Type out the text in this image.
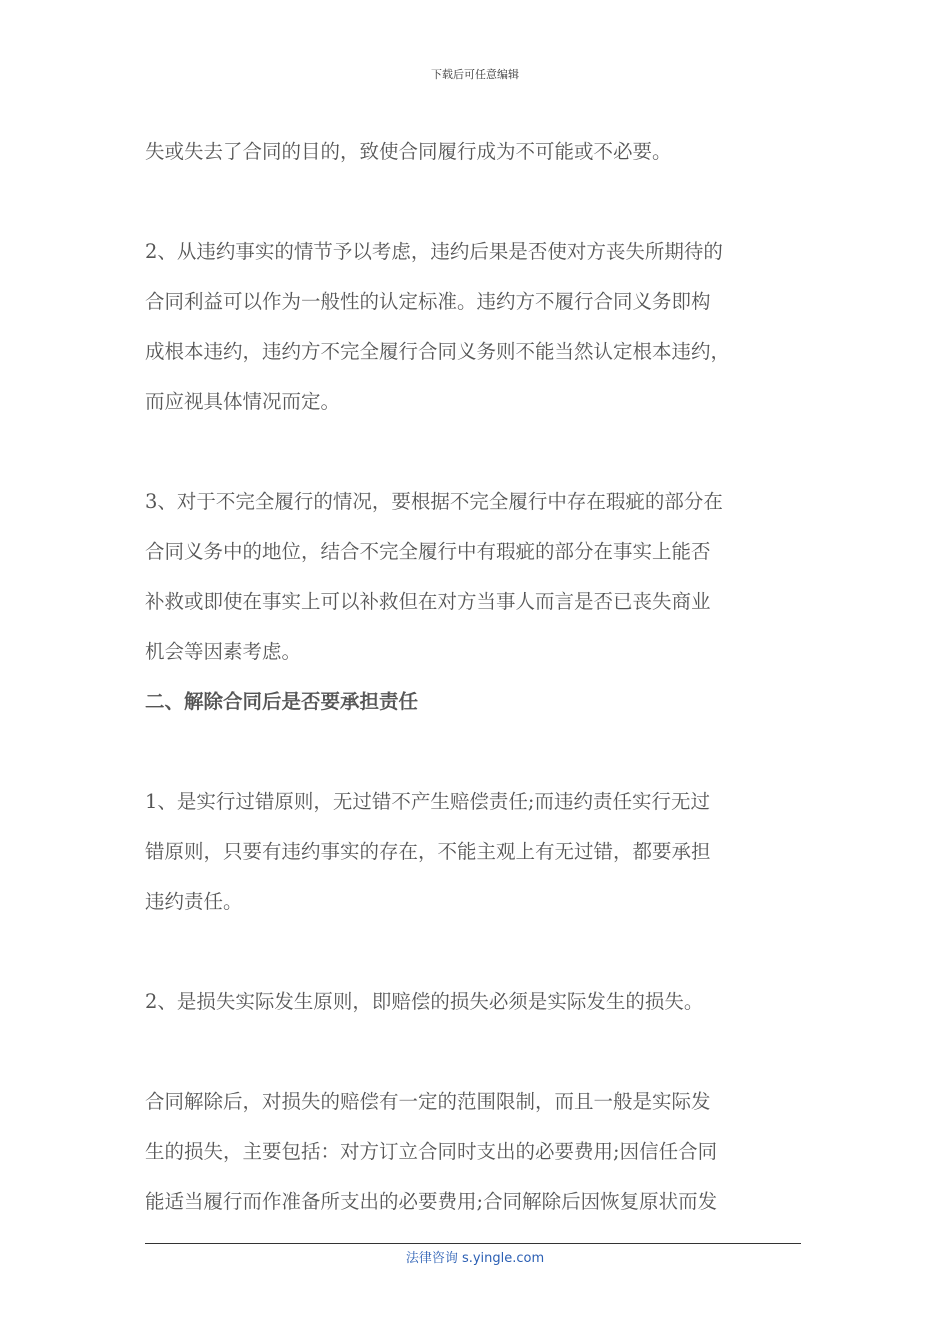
下载后可任意编辑
失或失去了合同的目的，致使合同履行成为不可能或不必要。
2、从违约事实的情节予以考虑，违约后果是否使对方丧失所期待的
合同利益可以作为一般性的认定标准。违约方不履行合同义务即构
成根本违约，违约方不完全履行合同义务则不能当然认定根本违约，
而应视具体情况而定。
3、对于不完全履行的情况，要根据不完全履行中存在瑕疵的部分在
合同义务中的地位，结合不完全履行中有瑕疵的部分在事实上能否
补救或即使在事实上可以补救但在对方当事人而言是否已丧失商业
机会等因素考虑。
二、解除合同后是否要承担责任
1、是实行过错原则，无过错不产生赔偿责任;而违约责任实行无过
错原则，只要有违约事实的存在，不能主观上有无过错，都要承担
违约责任。
2、是损失实际发生原则，即赔偿的损失必须是实际发生的损失。
合同解除后，对损失的赔偿有一定的范围限制，而且一般是实际发
生的损失，主要包括：对方订立合同时支出的必要费用;因信任合同
能适当履行而作准备所支出的必要费用;合同解除后因恢复原状而发
法律咨询 s.yingle.com
